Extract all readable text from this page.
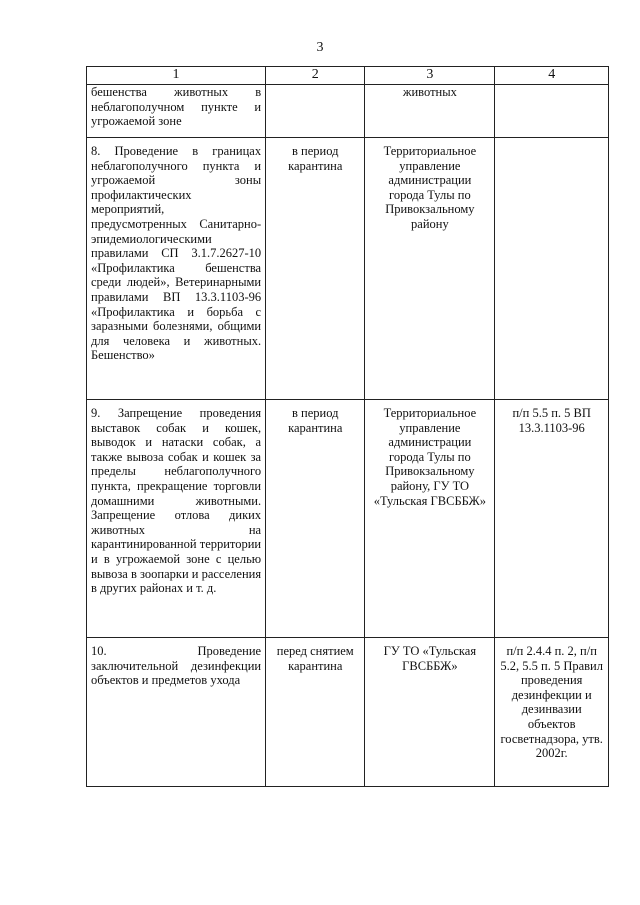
3
1	2	3	4
бешенства животных в неблагополучном пункте и угрожаемой зоне		животных	
8. Проведение в границах неблагополучного пункта и угрожаемой зоны профилактических мероприятий, предусмотренных Санитарно-эпидемиологическими правилами СП 3.1.7.2627-10 «Профилактика бешенства среди людей», Ветеринарными правилами ВП 13.3.1103-96 «Профилактика и борьба с заразными болезнями, общими для человека и животных. Бешенство»	в период карантина	Территориальное управление администрации города Тулы по Привокзальному району	
9. Запрещение проведения выставок собак и кошек, выводок и натаски собак, а также вывоза собак и кошек за пределы неблагополучного пункта, прекращение торговли домашними животными. Запрещение отлова диких животных на карантинированной территории и в угрожаемой зоне с целью вывоза в зоопарки и расселения в других районах и т. д.	в период карантина	Территориальное управление администрации города Тулы по Привокзальному району, ГУ ТО «Тульская ГВСББЖ»	п/п 5.5 п. 5 ВП 13.3.1103-96
10. Проведение заключительной дезинфекции объектов и предметов ухода	перед снятием карантина	ГУ ТО «Тульская ГВСББЖ»	п/п 2.4.4 п. 2, п/п 5.2, 5.5 п. 5 Правил проведения дезинфекции и дезинвазии объектов госветнадзора, утв. 2002г.
